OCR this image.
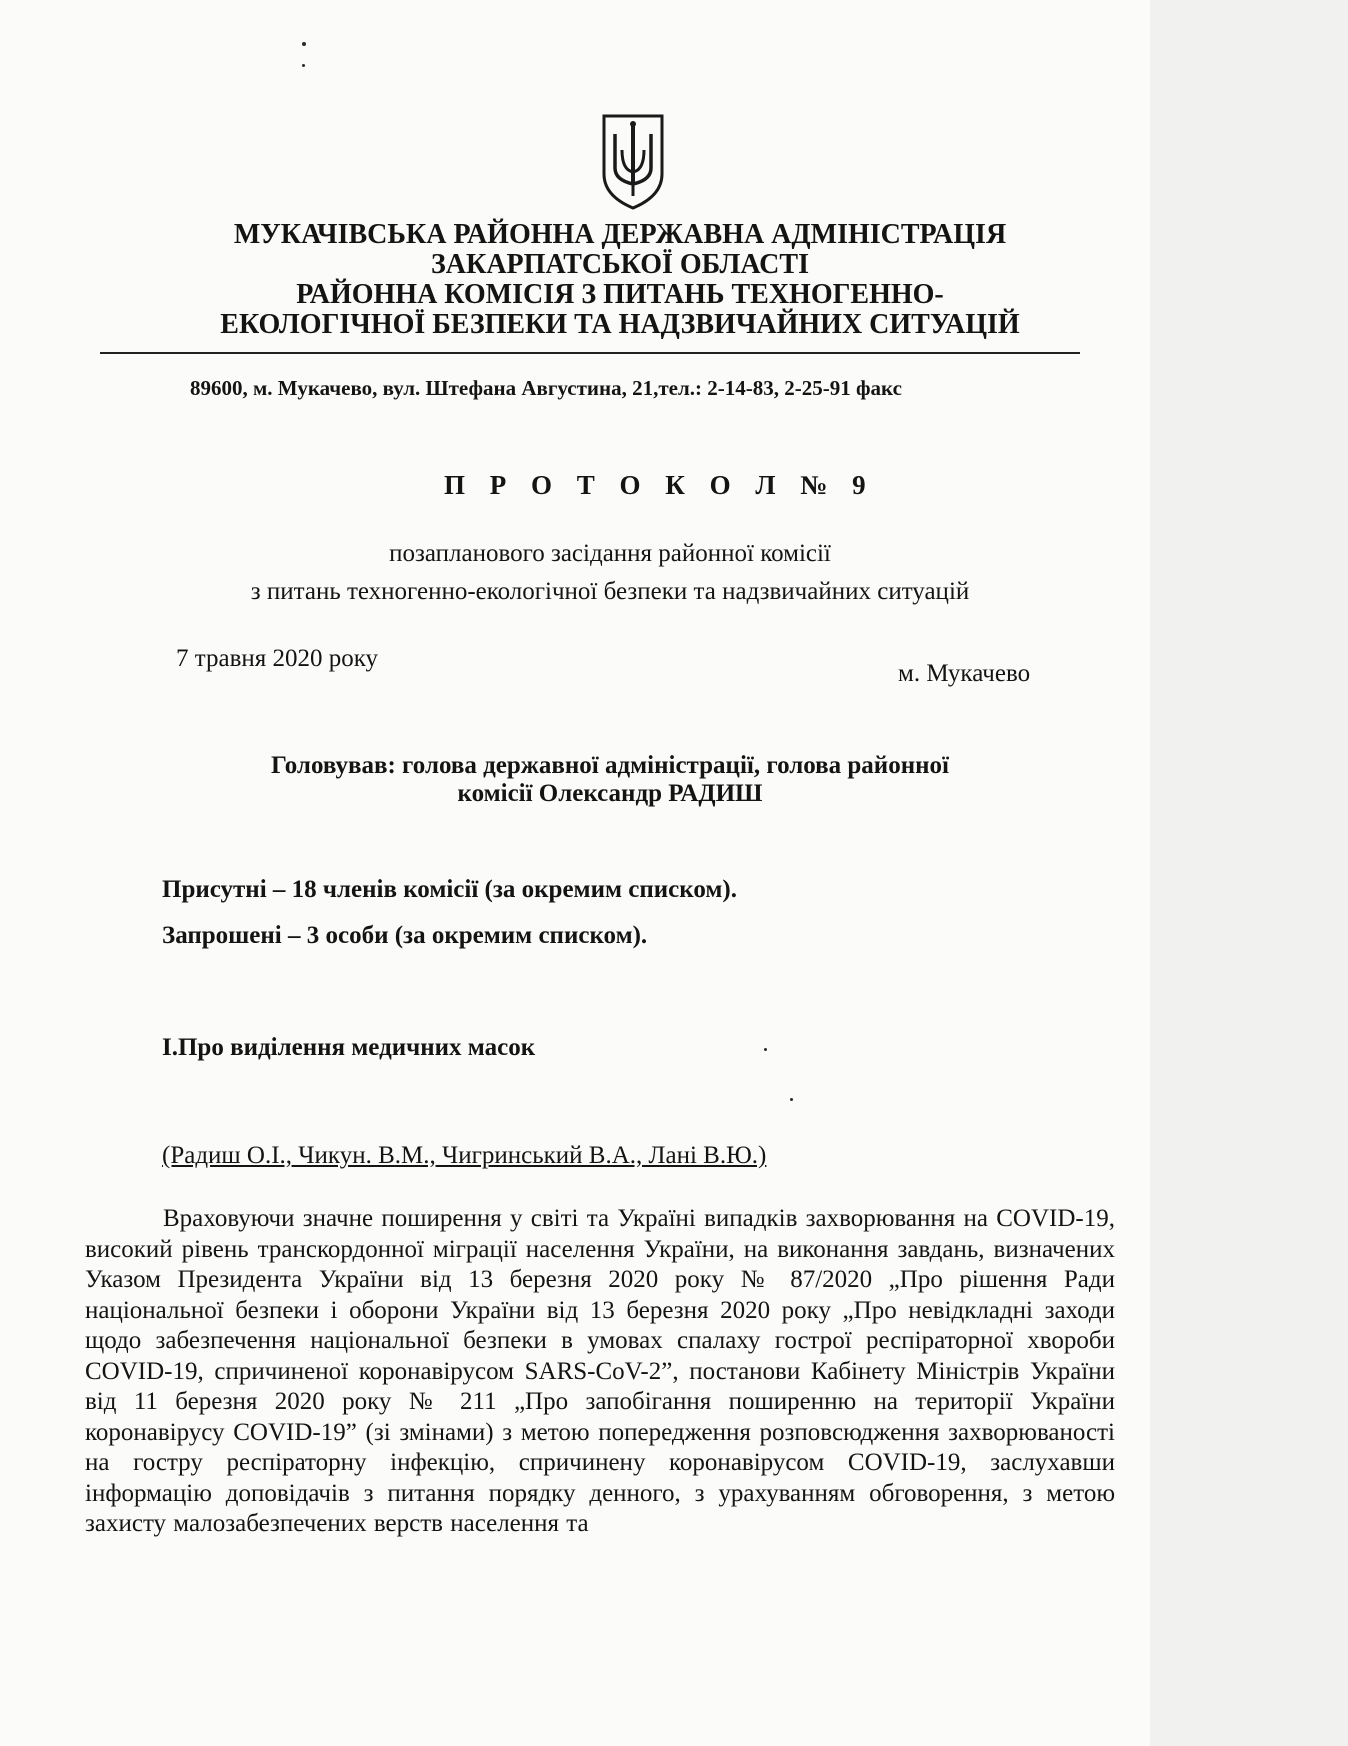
МУКАЧІВСЬКА РАЙОННА ДЕРЖАВНА АДМІНІСТРАЦІЯ
ЗАКАРПАТСЬКОЇ ОБЛАСТІ
РАЙОННА КОМІСІЯ З ПИТАНЬ ТЕХНОГЕННО-
ЕКОЛОГІЧНОЇ БЕЗПЕКИ ТА НАДЗВИЧАЙНИХ СИТУАЦІЙ
89600, м. Мукачево, вул. Штефана Августина, 21,тел.: 2-14-83, 2-25-91 факс
П Р О Т О К О Л № 9
позапланового засідання районної комісії
з питань техногенно-екологічної безпеки та надзвичайних ситуацій
7 травня 2020 року
м. Мукачево
Головував: голова державної адміністрації, голова районної
комісії Олександр РАДИШ
Присутні – 18 членів комісії (за окремим списком).
Запрошені – 3 особи (за окремим списком).
І.Про виділення медичних масок
(Радиш О.І., Чикун. В.М., Чигринський В.А., Лані В.Ю.)
Враховуючи значне поширення у світі та Україні випадків захворювання на COVID-19, високий рівень транскордонної міграції населення України, на виконання завдань, визначених Указом Президента України від 13 березня 2020 року № 87/2020 „Про рішення Ради національної безпеки і оборони України від 13 березня 2020 року „Про невідкладні заходи щодо забезпечення національної безпеки в умовах спалаху гострої респіраторної хвороби COVID-19, спричиненої коронавірусом SARS-CoV-2”, постанови Кабінету Міністрів України від 11 березня 2020 року № 211 „Про запобігання поширенню на території України коронавірусу COVID-19” (зі змінами) з метою попередження розповсюдження захворюваності на гостру респіраторну інфекцію, спричинену коронавірусом COVID-19, заслухавши інформацію доповідачів з питання порядку денного, з урахуванням обговорення, з метою захисту малозабезпечених верств населення та
